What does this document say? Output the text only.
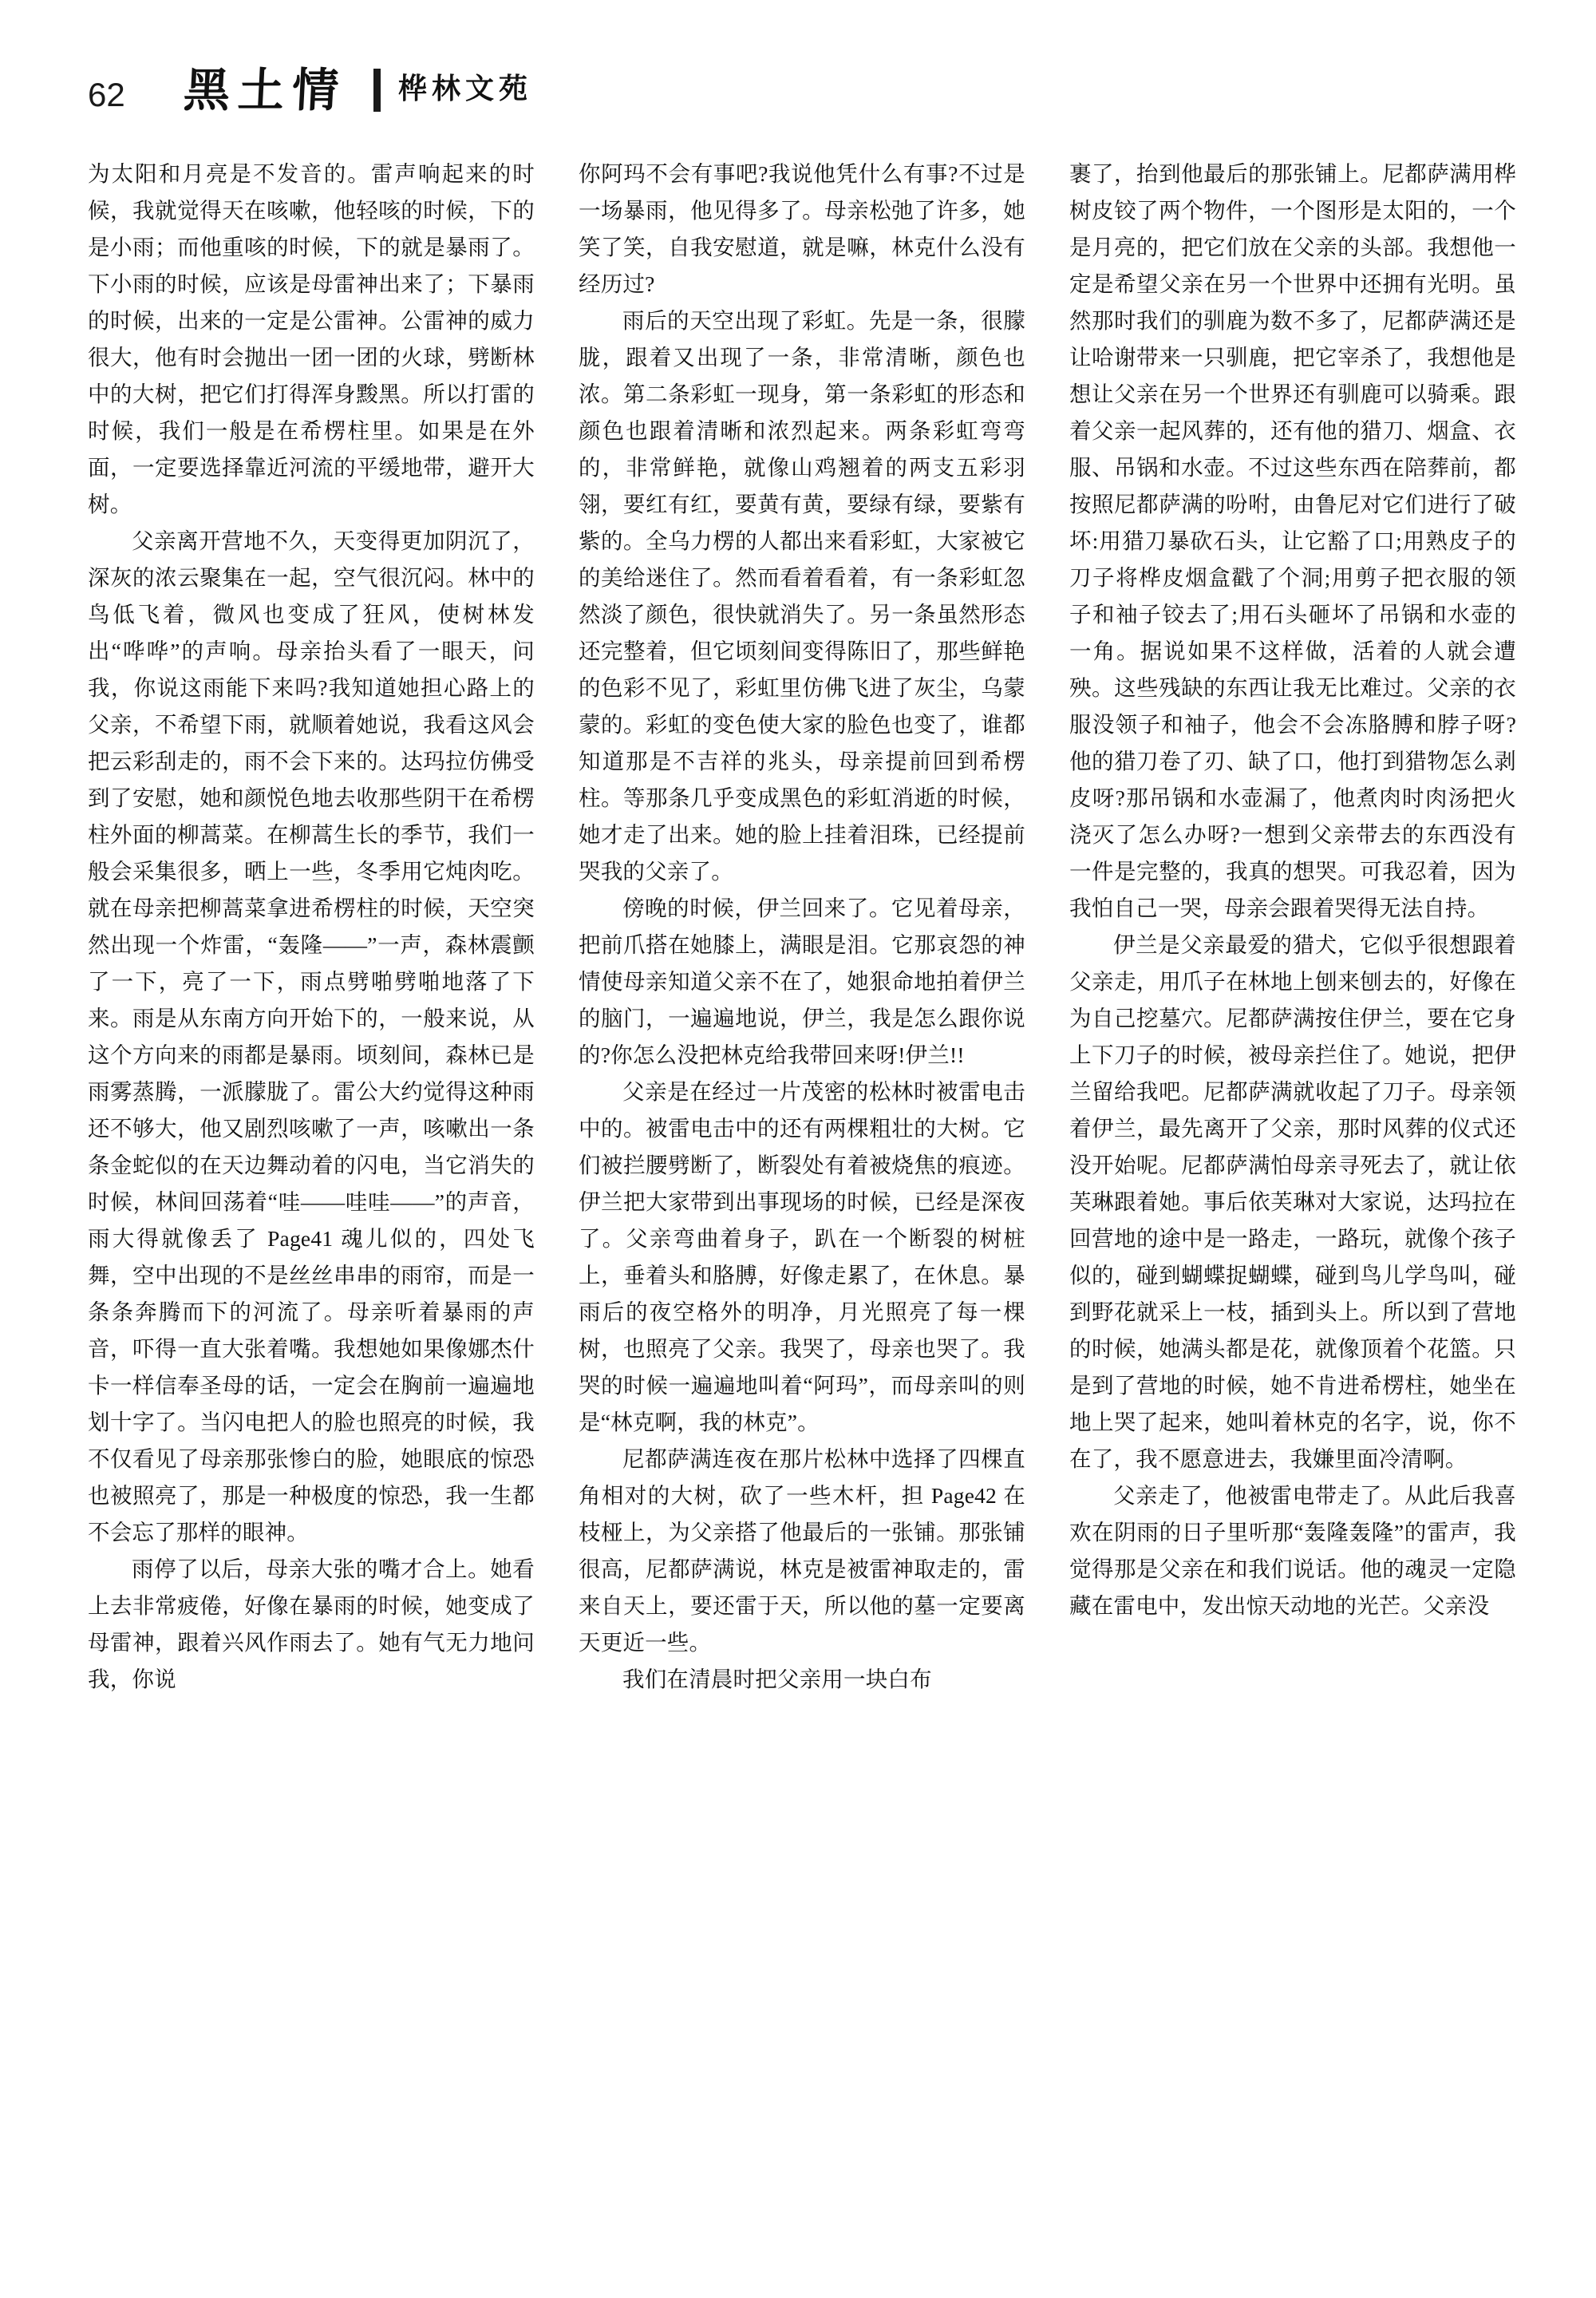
62	黑土情 桦林文苑

为太阳和月亮是不发音的。雷声响起来的时候，我就觉得天在咳嗽，他轻咳的时候，下的是小雨；而他重咳的时候，下的就是暴雨了。下小雨的时候，应该是母雷神出来了；下暴雨的时候，出来的一定是公雷神。公雷神的威力很大，他有时会抛出一团一团的火球，劈断林中的大树，把它们打得浑身黢黑。所以打雷的时候，我们一般是在希楞柱里。如果是在外面，一定要选择靠近河流的平缓地带，避开大树。

父亲离开营地不久，天变得更加阴沉了，深灰的浓云聚集在一起，空气很沉闷。林中的鸟低飞着，微风也变成了狂风，使树林发出“哗哗”的声响。母亲抬头看了一眼天，问我，你说这雨能下来吗?我知道她担心路上的父亲，不希望下雨，就顺着她说，我看这风会把云彩刮走的，雨不会下来的。达玛拉仿佛受到了安慰，她和颜悦色地去收那些阴干在希楞柱外面的柳蒿菜。在柳蒿生长的季节，我们一般会采集很多，晒上一些，冬季用它炖肉吃。就在母亲把柳蒿菜拿进希楞柱的时候，天空突然出现一个炸雷，“轰隆——”一声，森林震颤了一下，亮了一下，雨点劈啪劈啪地落了下来。雨是从东南方向开始下的，一般来说，从这个方向来的雨都是暴雨。顷刻间，森林已是雨雾蒸腾，一派朦胧了。雷公大约觉得这种雨还不够大，他又剧烈咳嗽了一声，咳嗽出一条条金蛇似的在天边舞动着的闪电，当它消失的时候，林间回荡着“哇——哇哇——”的声音，雨大得就像丢了 Page41 魂儿似的，四处飞舞，空中出现的不是丝丝串串的雨帘，而是一条条奔腾而下的河流了。母亲听着暴雨的声音，吓得一直大张着嘴。我想她如果像娜杰什卡一样信奉圣母的话，一定会在胸前一遍遍地划十字了。当闪电把人的脸也照亮的时候，我不仅看见了母亲那张惨白的脸，她眼底的惊恐也被照亮了，那是一种极度的惊恐，我一生都不会忘了那样的眼神。

雨停了以后，母亲大张的嘴才合上。她看上去非常疲倦，好像在暴雨的时候，她变成了母雷神，跟着兴风作雨去了。她有气无力地问我，你说

你阿玛不会有事吧?我说他凭什么有事?不过是一场暴雨，他见得多了。母亲松弛了许多，她笑了笑，自我安慰道，就是嘛，林克什么没有经历过?

雨后的天空出现了彩虹。先是一条，很朦胧，跟着又出现了一条，非常清晰，颜色也浓。第二条彩虹一现身，第一条彩虹的形态和颜色也跟着清晰和浓烈起来。两条彩虹弯弯的，非常鲜艳，就像山鸡翘着的两支五彩羽翎，要红有红，要黄有黄，要绿有绿，要紫有紫的。全乌力楞的人都出来看彩虹，大家被它的美给迷住了。然而看着看着，有一条彩虹忽然淡了颜色，很快就消失了。另一条虽然形态还完整着，但它顷刻间变得陈旧了，那些鲜艳的色彩不见了，彩虹里仿佛飞进了灰尘，乌蒙蒙的。彩虹的变色使大家的脸色也变了，谁都知道那是不吉祥的兆头，母亲提前回到希楞柱。等那条几乎变成黑色的彩虹消逝的时候，她才走了出来。她的脸上挂着泪珠，已经提前哭我的父亲了。

傍晚的时候，伊兰回来了。它见着母亲，把前爪搭在她膝上，满眼是泪。它那哀怨的神情使母亲知道父亲不在了，她狠命地拍着伊兰的脑门，一遍遍地说，伊兰，我是怎么跟你说的?你怎么没把林克给我带回来呀!伊兰!!

父亲是在经过一片茂密的松林时被雷电击中的。被雷电击中的还有两棵粗壮的大树。它们被拦腰劈断了，断裂处有着被烧焦的痕迹。伊兰把大家带到出事现场的时候，已经是深夜了。父亲弯曲着身子，趴在一个断裂的树桩上，垂着头和胳膊，好像走累了，在休息。暴雨后的夜空格外的明净，月光照亮了每一棵树，也照亮了父亲。我哭了，母亲也哭了。我哭的时候一遍遍地叫着“阿玛”，而母亲叫的则是“林克啊，我的林克”。

尼都萨满连夜在那片松林中选择了四棵直角相对的大树，砍了一些木杆，担 Page42 在枝桠上，为父亲搭了他最后的一张铺。那张铺很高，尼都萨满说，林克是被雷神取走的，雷来自天上，要还雷于天，所以他的墓一定要离天更近一些。

我们在清晨时把父亲用一块白布

裹了，抬到他最后的那张铺上。尼都萨满用桦树皮铰了两个物件，一个图形是太阳的，一个是月亮的，把它们放在父亲的头部。我想他一定是希望父亲在另一个世界中还拥有光明。虽然那时我们的驯鹿为数不多了，尼都萨满还是让哈谢带来一只驯鹿，把它宰杀了，我想他是想让父亲在另一个世界还有驯鹿可以骑乘。跟着父亲一起风葬的，还有他的猎刀、烟盒、衣服、吊锅和水壶。不过这些东西在陪葬前，都按照尼都萨满的吩咐，由鲁尼对它们进行了破坏:用猎刀暴砍石头，让它豁了口;用熟皮子的刀子将桦皮烟盒戳了个洞;用剪子把衣服的领子和袖子铰去了;用石头砸坏了吊锅和水壶的一角。据说如果不这样做，活着的人就会遭殃。这些残缺的东西让我无比难过。父亲的衣服没领子和袖子，他会不会冻胳膊和脖子呀?他的猎刀卷了刃、缺了口，他打到猎物怎么剥皮呀?那吊锅和水壶漏了，他煮肉时肉汤把火浇灭了怎么办呀?一想到父亲带去的东西没有一件是完整的，我真的想哭。可我忍着，因为我怕自己一哭，母亲会跟着哭得无法自持。

伊兰是父亲最爱的猎犬，它似乎很想跟着父亲走，用爪子在林地上刨来刨去的，好像在为自己挖墓穴。尼都萨满按住伊兰，要在它身上下刀子的时候，被母亲拦住了。她说，把伊兰留给我吧。尼都萨满就收起了刀子。母亲领着伊兰，最先离开了父亲，那时风葬的仪式还没开始呢。尼都萨满怕母亲寻死去了，就让依芙琳跟着她。事后依芙琳对大家说，达玛拉在回营地的途中是一路走，一路玩，就像个孩子似的，碰到蝴蝶捉蝴蝶，碰到鸟儿学鸟叫，碰到野花就采上一枝，插到头上。所以到了营地的时候，她满头都是花，就像顶着个花篮。只是到了营地的时候，她不肯进希楞柱，她坐在地上哭了起来，她叫着林克的名字，说，你不在了，我不愿意进去，我嫌里面冷清啊。

父亲走了，他被雷电带走了。从此后我喜欢在阴雨的日子里听那“轰隆轰隆”的雷声，我觉得那是父亲在和我们说话。他的魂灵一定隐藏在雷电中，发出惊天动地的光芒。父亲没
